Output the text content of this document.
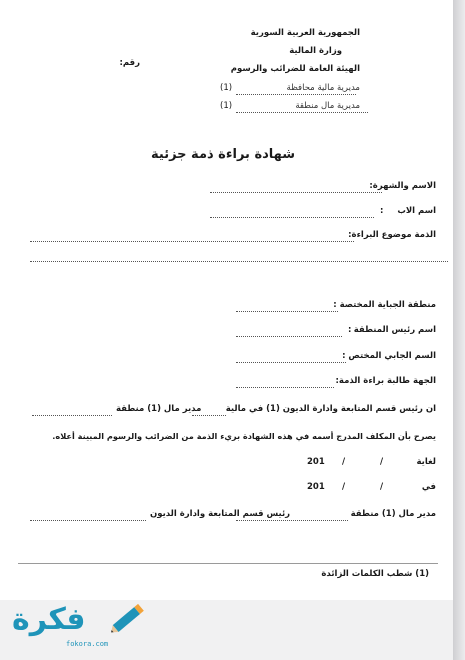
الجمهورية العربية السورية
وزارة المالية
الهيئة العامة للضرائب والرسوم
رقم:
مديرية مالية محافظة
(1)
مديرية مال منطقة
(1)
شهادة براءة ذمة جزئية
الاسم والشهرة:
اسم الاب
:
الذمة موضوع البراءة:
منطقة الجباية المختصة :
اسم رئيس المنطقة
:
السم الجابي المختص :
الجهة طالبة براءة الذمة:
ان رئيس قسم المتابعة وادارة الديون (1) في مالية
مدير مال (1) منطقة
يصرح بأن المكلف المدرج أسمه في هذه الشهادة بريء الذمة من الضرائب والرسوم المبينة أعلاه.
لغاية
/
/
201
في
/
/
201
مدير مال (1) منطقة
رئيس قسم المتابعة وادارة الديون
(1) شطب الكلمات الزائدة
فكرة
fokora.com
